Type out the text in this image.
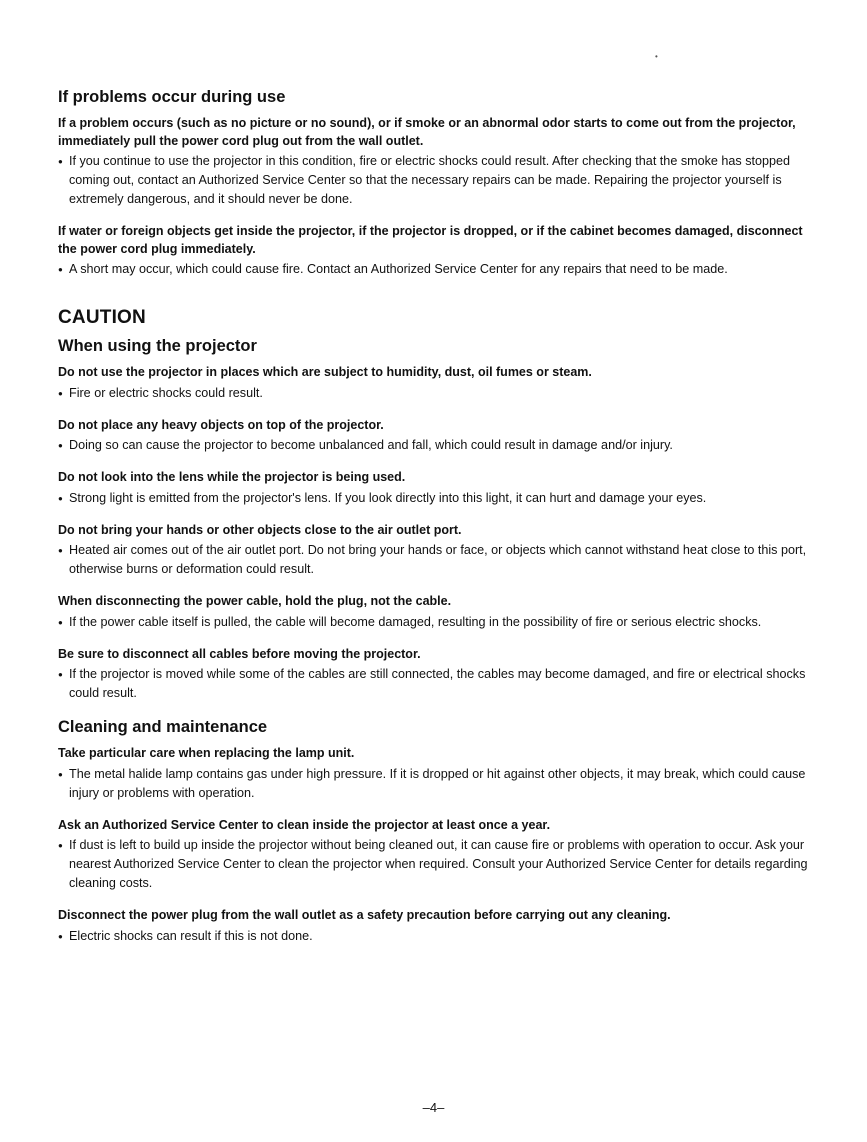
•
If problems occur during use

If a problem occurs (such as no picture or no sound), or if smoke or an abnormal odor starts to come out from the projector, immediately pull the power cord plug out from the wall outlet.

● If you continue to use the projector in this condition, fire or electric shocks could result. After checking that the smoke has stopped coming out, contact an Authorized Service Center so that the necessary repairs can be made. Repairing the projector yourself is extremely dangerous, and it should never be done.

If water or foreign objects get inside the projector, if the projector is dropped, or if the cabinet becomes damaged, disconnect the power cord plug immediately.

● A short may occur, which could cause fire. Contact an Authorized Service Center for any repairs that need to be made.

CAUTION
When using the projector

Do not use the projector in places which are subject to humidity, dust, oil fumes or steam.

● Fire or electric shocks could result.

Do not place any heavy objects on top of the projector.

● Doing so can cause the projector to become unbalanced and fall, which could result in damage and/or injury.

Do not look into the lens while the projector is being used.

● Strong light is emitted from the projector's lens. If you look directly into this light, it can hurt and damage your eyes.

Do not bring your hands or other objects close to the air outlet port.

● Heated air comes out of the air outlet port. Do not bring your hands or face, or objects which cannot withstand heat close to this port, otherwise burns or deformation could result.

When disconnecting the power cable, hold the plug, not the cable.

● If the power cable itself is pulled, the cable will become damaged, resulting in the possibility of fire or serious electric shocks.

Be sure to disconnect all cables before moving the projector.

● If the projector is moved while some of the cables are still connected, the cables may become damaged, and fire or electrical shocks could result.

Cleaning and maintenance

Take particular care when replacing the lamp unit.

● The metal halide lamp contains gas under high pressure. If it is dropped or hit against other objects, it may break, which could cause injury or problems with operation.

Ask an Authorized Service Center to clean inside the projector at least once a year.

● If dust is left to build up inside the projector without being cleaned out, it can cause fire or problems with operation to occur. Ask your nearest Authorized Service Center to clean the projector when required. Consult your Authorized Service Center for details regarding cleaning costs.

Disconnect the power plug from the wall outlet as a safety precaution before carrying out any cleaning.

● Electric shocks can result if this is not done.

–4–
